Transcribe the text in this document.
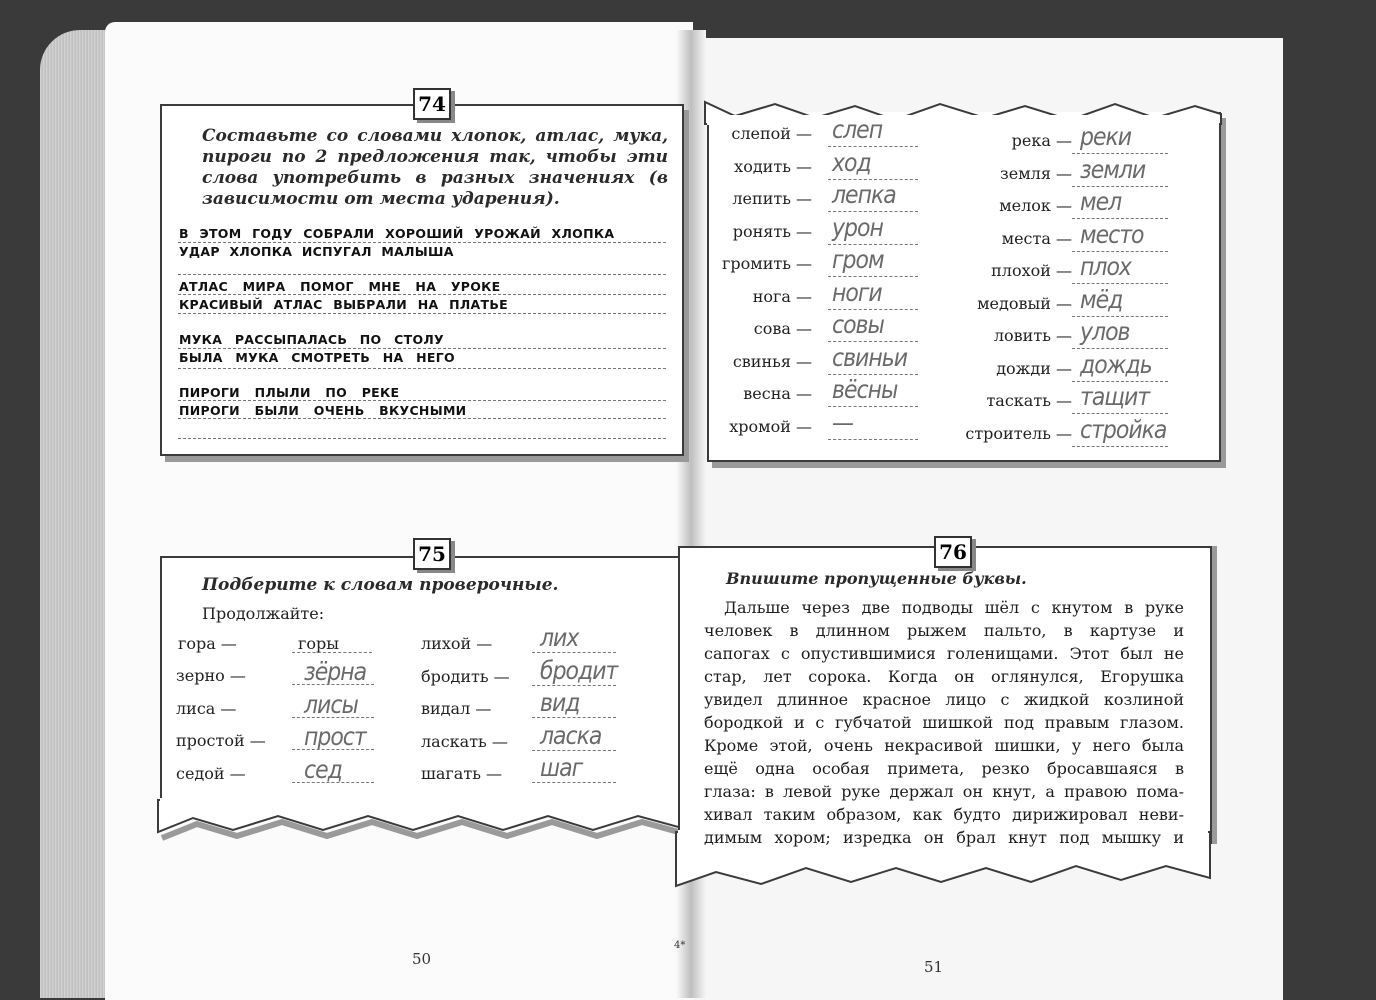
74
Составьте со словами хлопок, атлас, мука, пироги по 2 предложения так, чтобы эти слова употребить в разных значениях (в зависимости от места ударения).
В ЭТОМ ГОДУ СОБРАЛИ ХОРОШИЙ УРОЖАЙ ХЛОПКА
УДАР ХЛОПКА ИСПУГАЛ МАЛЫША
АТЛАС МИРА ПОМОГ МНЕ НА УРОКЕ
КРАСИВЫЙ АТЛАС ВЫБРАЛИ НА ПЛАТЬЕ
МУКА РАССЫПАЛАСЬ ПО СТОЛУ
БЫЛА МУКА СМОТРЕТЬ НА НЕГО
ПИРОГИ ПЛЫЛИ ПО РЕКЕ
ПИРОГИ БЫЛИ ОЧЕНЬ ВКУСНЫМИ
слепой — слеп
ходить — ход
лепить — лепка
ронять — урон
громить — гром
нога — ноги
сова — совы
свинья — свиньи
весна — вёсны
хромой — —
река — реки
земля — земли
мелок — мел
места — место
плохой — плох
медовый — мёд
ловить — улов
дожди — дождь
таскать — тащит
строитель — стройка
75
Подберите к словам проверочные.
Продолжайте:
гора —	горы
зерно —	зёрна
лиса —	лисы
простой — прост
седой —	сед
лихой — лих
бродить — бродит
видал — вид
ласкать — ласка
шагать — шаг
76
Впишите пропущенные буквы.
Дальше через две подводы шёл с кнутом в руке
человек в длинном рыжем пальто, в картузе и
сапогах с опустившимися голенищами. Этот был не
стар, лет сорока. Когда он оглянулся, Егорушка
увидел длинное красное лицо с жидкой козлиной
бородкой и с губчатой шишкой под правым глазом.
Кроме этой, очень некрасивой шишки, у него была
ещё одна особая примета, резко бросавшаяся в
глаза: в левой руке держал он кнут, а правою пома-
хивал таким образом, как будто дирижировал неви-
димым хором; изредка он брал кнут под мышку и
50	51
4*
